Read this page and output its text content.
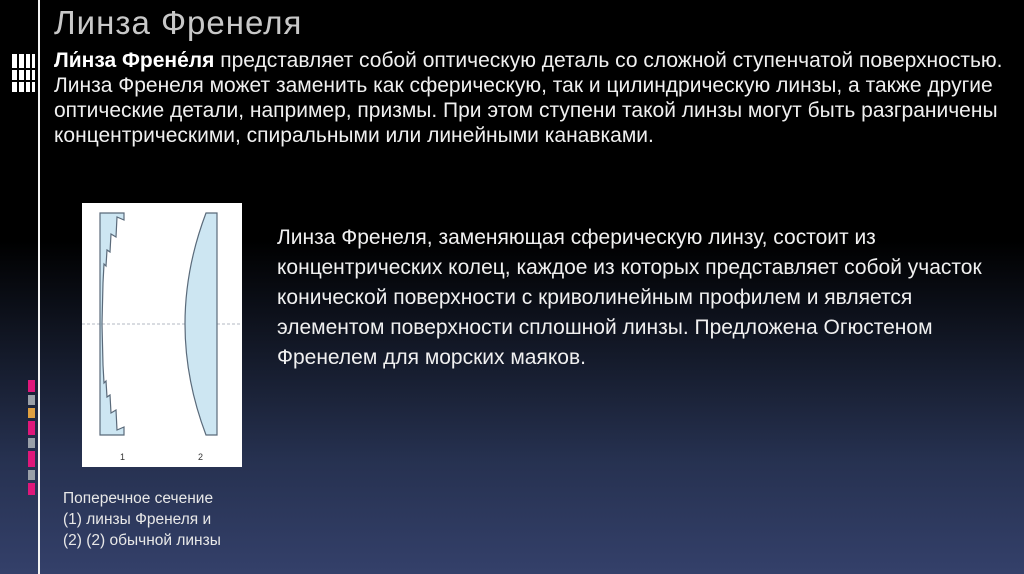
Линза Френеля
Ли́нза Френе́ля представляет собой оптическую деталь со сложной ступенчатой поверхностью. Линза Френеля может заменить как сферическую, так и цилиндрическую линзы, а также другие оптические детали, например, призмы. При этом ступени такой линзы могут быть разграничены концентрическими, спиральными или линейными канавками.
1	2
Линза Френеля, заменяющая сферическую линзу, состоит из концентрических колец, каждое из которых представляет собой участок конической поверхности с криволинейным профилем и является элементом поверхности сплошной линзы. Предложена Огюстеном Френелем для морских маяков.
Поперечное сечение
(1) линзы Френеля и
(2) (2) обычной линзы
